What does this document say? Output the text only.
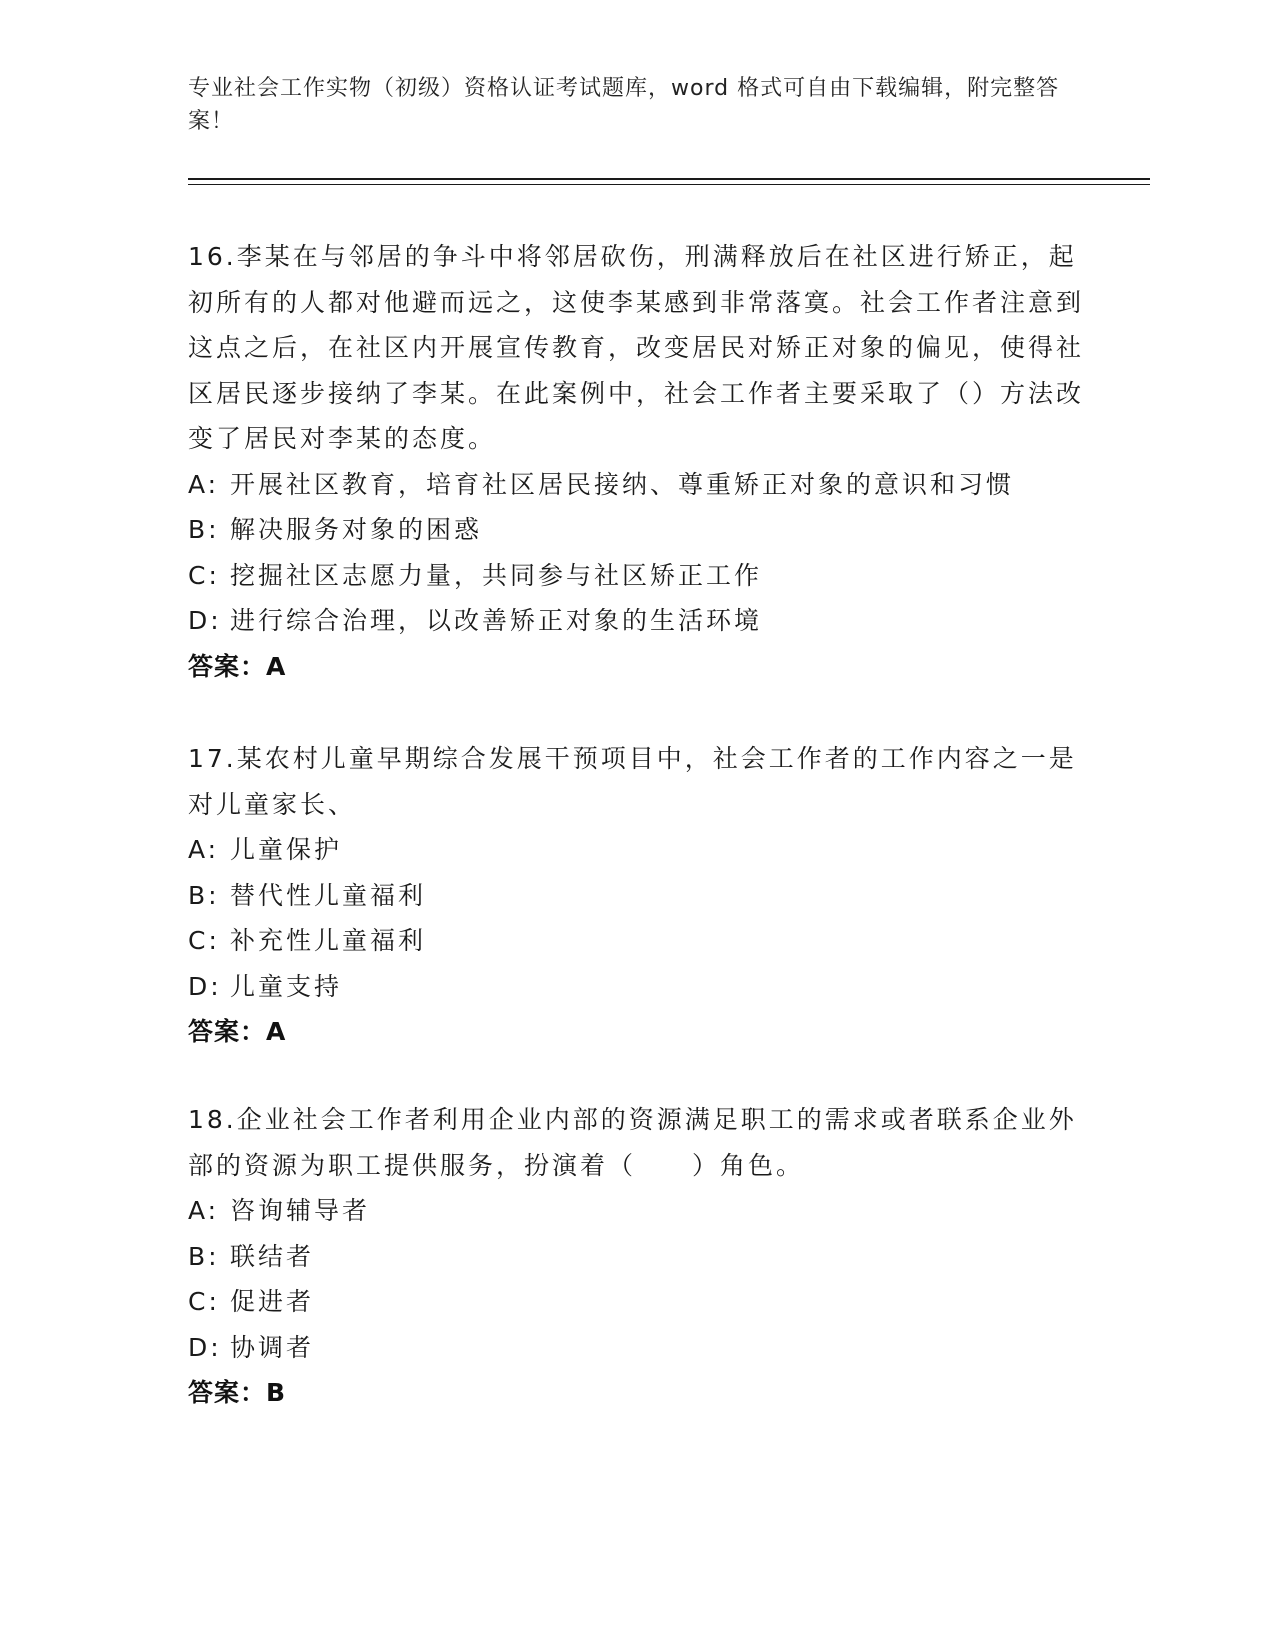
专业社会工作实物（初级）资格认证考试题库，word 格式可自由下载编辑，附完整答案！
16.李某在与邻居的争斗中将邻居砍伤，刑满释放后在社区进行矫正，起初所有的人都对他避而远之，这使李某感到非常落寞。社会工作者注意到这点之后，在社区内开展宣传教育，改变居民对矫正对象的偏见，使得社区居民逐步接纳了李某。在此案例中，社会工作者主要采取了（）方法改变了居民对李某的态度。
A: 开展社区教育，培育社区居民接纳、尊重矫正对象的意识和习惯
B: 解决服务对象的困惑
C: 挖掘社区志愿力量，共同参与社区矫正工作
D: 进行综合治理，以改善矫正对象的生活环境
答案：A
17.某农村儿童早期综合发展干预项目中，社会工作者的工作内容之一是对儿童家长、
A: 儿童保护
B: 替代性儿童福利
C: 补充性儿童福利
D: 儿童支持
答案：A
18.企业社会工作者利用企业内部的资源满足职工的需求或者联系企业外部的资源为职工提供服务，扮演着（　　）角色。
A: 咨询辅导者
B: 联结者
C: 促进者
D: 协调者
答案：B
